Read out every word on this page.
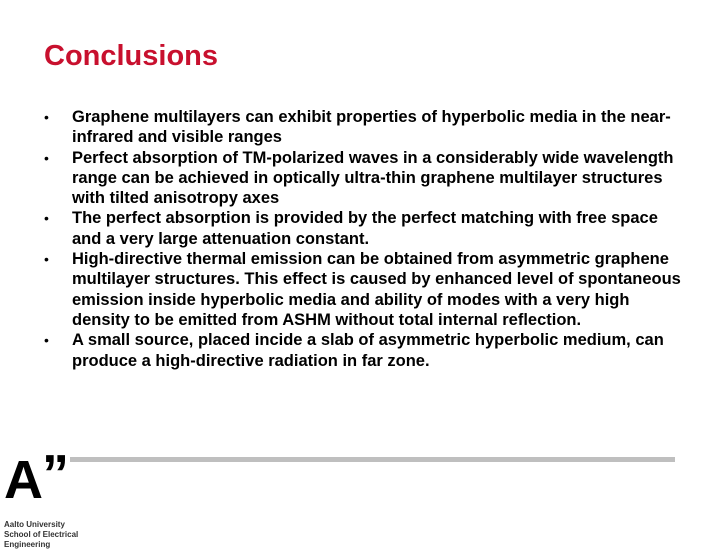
Conclusions
•	Graphene multilayers can exhibit properties of hyperbolic media in the near-infrared and visible ranges
•	Perfect absorption of TM-polarized waves in a considerably wide wavelength range can be achieved in optically ultra-thin graphene multilayer structures with tilted anisotropy axes
•	The perfect absorption is provided by the perfect matching with free space and a very large attenuation constant.
•	High-directive thermal emission can be obtained from asymmetric graphene multilayer structures. This effect is caused by enhanced level of spontaneous emission inside hyperbolic media and ability of modes with a very high density to be emitted from ASHM without total internal reflection.
•	A small source, placed incide a slab of asymmetric hyperbolic medium, can produce a high-directive radiation in far zone.
A ”
Aalto University
School of Electrical
Engineering
